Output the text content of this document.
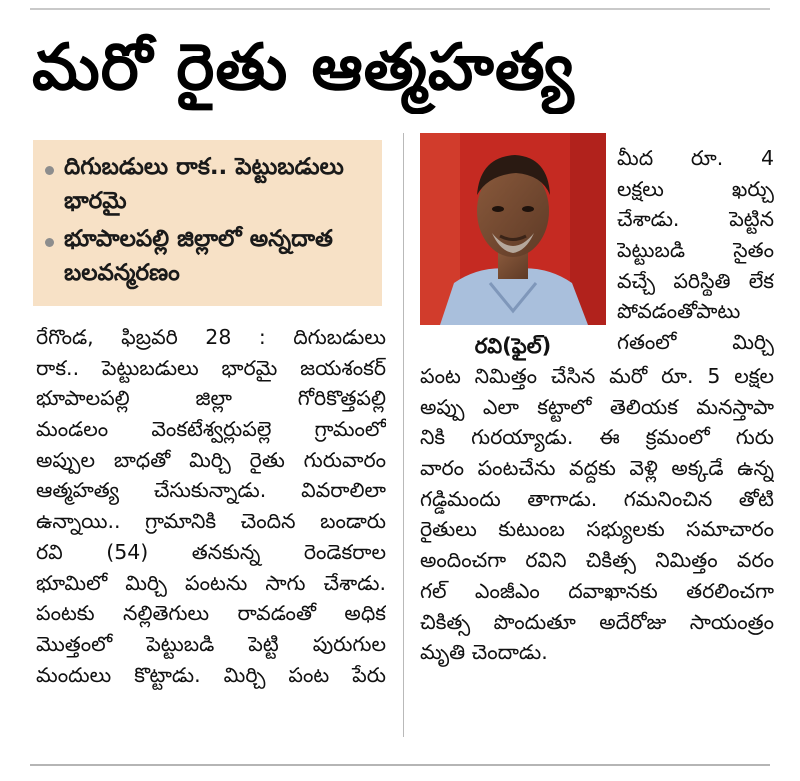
మరో రైతు ఆత్మహత్య
దిగుబడులు రాక.. పెట్టుబడులు భారమై
భూపాలపల్లి జిల్లాలో అన్నదాత బలవన్మరణం
రవి(ఫైల్)
మీద రూ. 4
లక్షలు ఖర్చు
చేశాడు. పెట్టిన
పెట్టుబడి సైతం
వచ్చే పరిస్థితి లేక
పోవడంతోపాటు
గతంలో మిర్చి
రేగొండ, ఫిబ్రవరి 28 : దిగుబడులు
రాక.. పెట్టుబడులు భారమై జయశంకర్
భూపాలపల్లి జిల్లా గోరికొత్తపల్లి
మండలం వెంకటేశ్వర్లుపల్లె గ్రామంలో
అప్పుల బాధతో మిర్చి రైతు గురువారం
ఆత్మహత్య చేసుకున్నాడు. వివరాలిలా
ఉన్నాయి.. గ్రామానికి చెందిన బండారు
రవి (54) తనకున్న రెండెకరాల
భూమిలో మిర్చి పంటను సాగు చేశాడు.
పంటకు నల్లితెగులు రావడంతో అధిక
మొత్తంలో పెట్టుబడి పెట్టి పురుగుల
మందులు కొట్టాడు. మిర్చి పంట పేరు
పంట నిమిత్తం చేసిన మరో రూ. 5 లక్షల
అప్పు ఎలా కట్టాలో తెలియక మనస్తాపా
నికి గురయ్యాడు. ఈ క్రమంలో గురు
వారం పంటచేను వద్దకు వెళ్లి అక్కడే ఉన్న
గడ్డిమందు తాగాడు. గమనించిన తోటి
రైతులు కుటుంబ సభ్యులకు సమాచారం
అందించగా రవిని చికిత్స నిమిత్తం వరం
గల్ ఎంజీఎం దవాఖానకు తరలించగా
చికిత్స పొందుతూ అదేరోజు సాయంత్రం
మృతి చెందాడు.
